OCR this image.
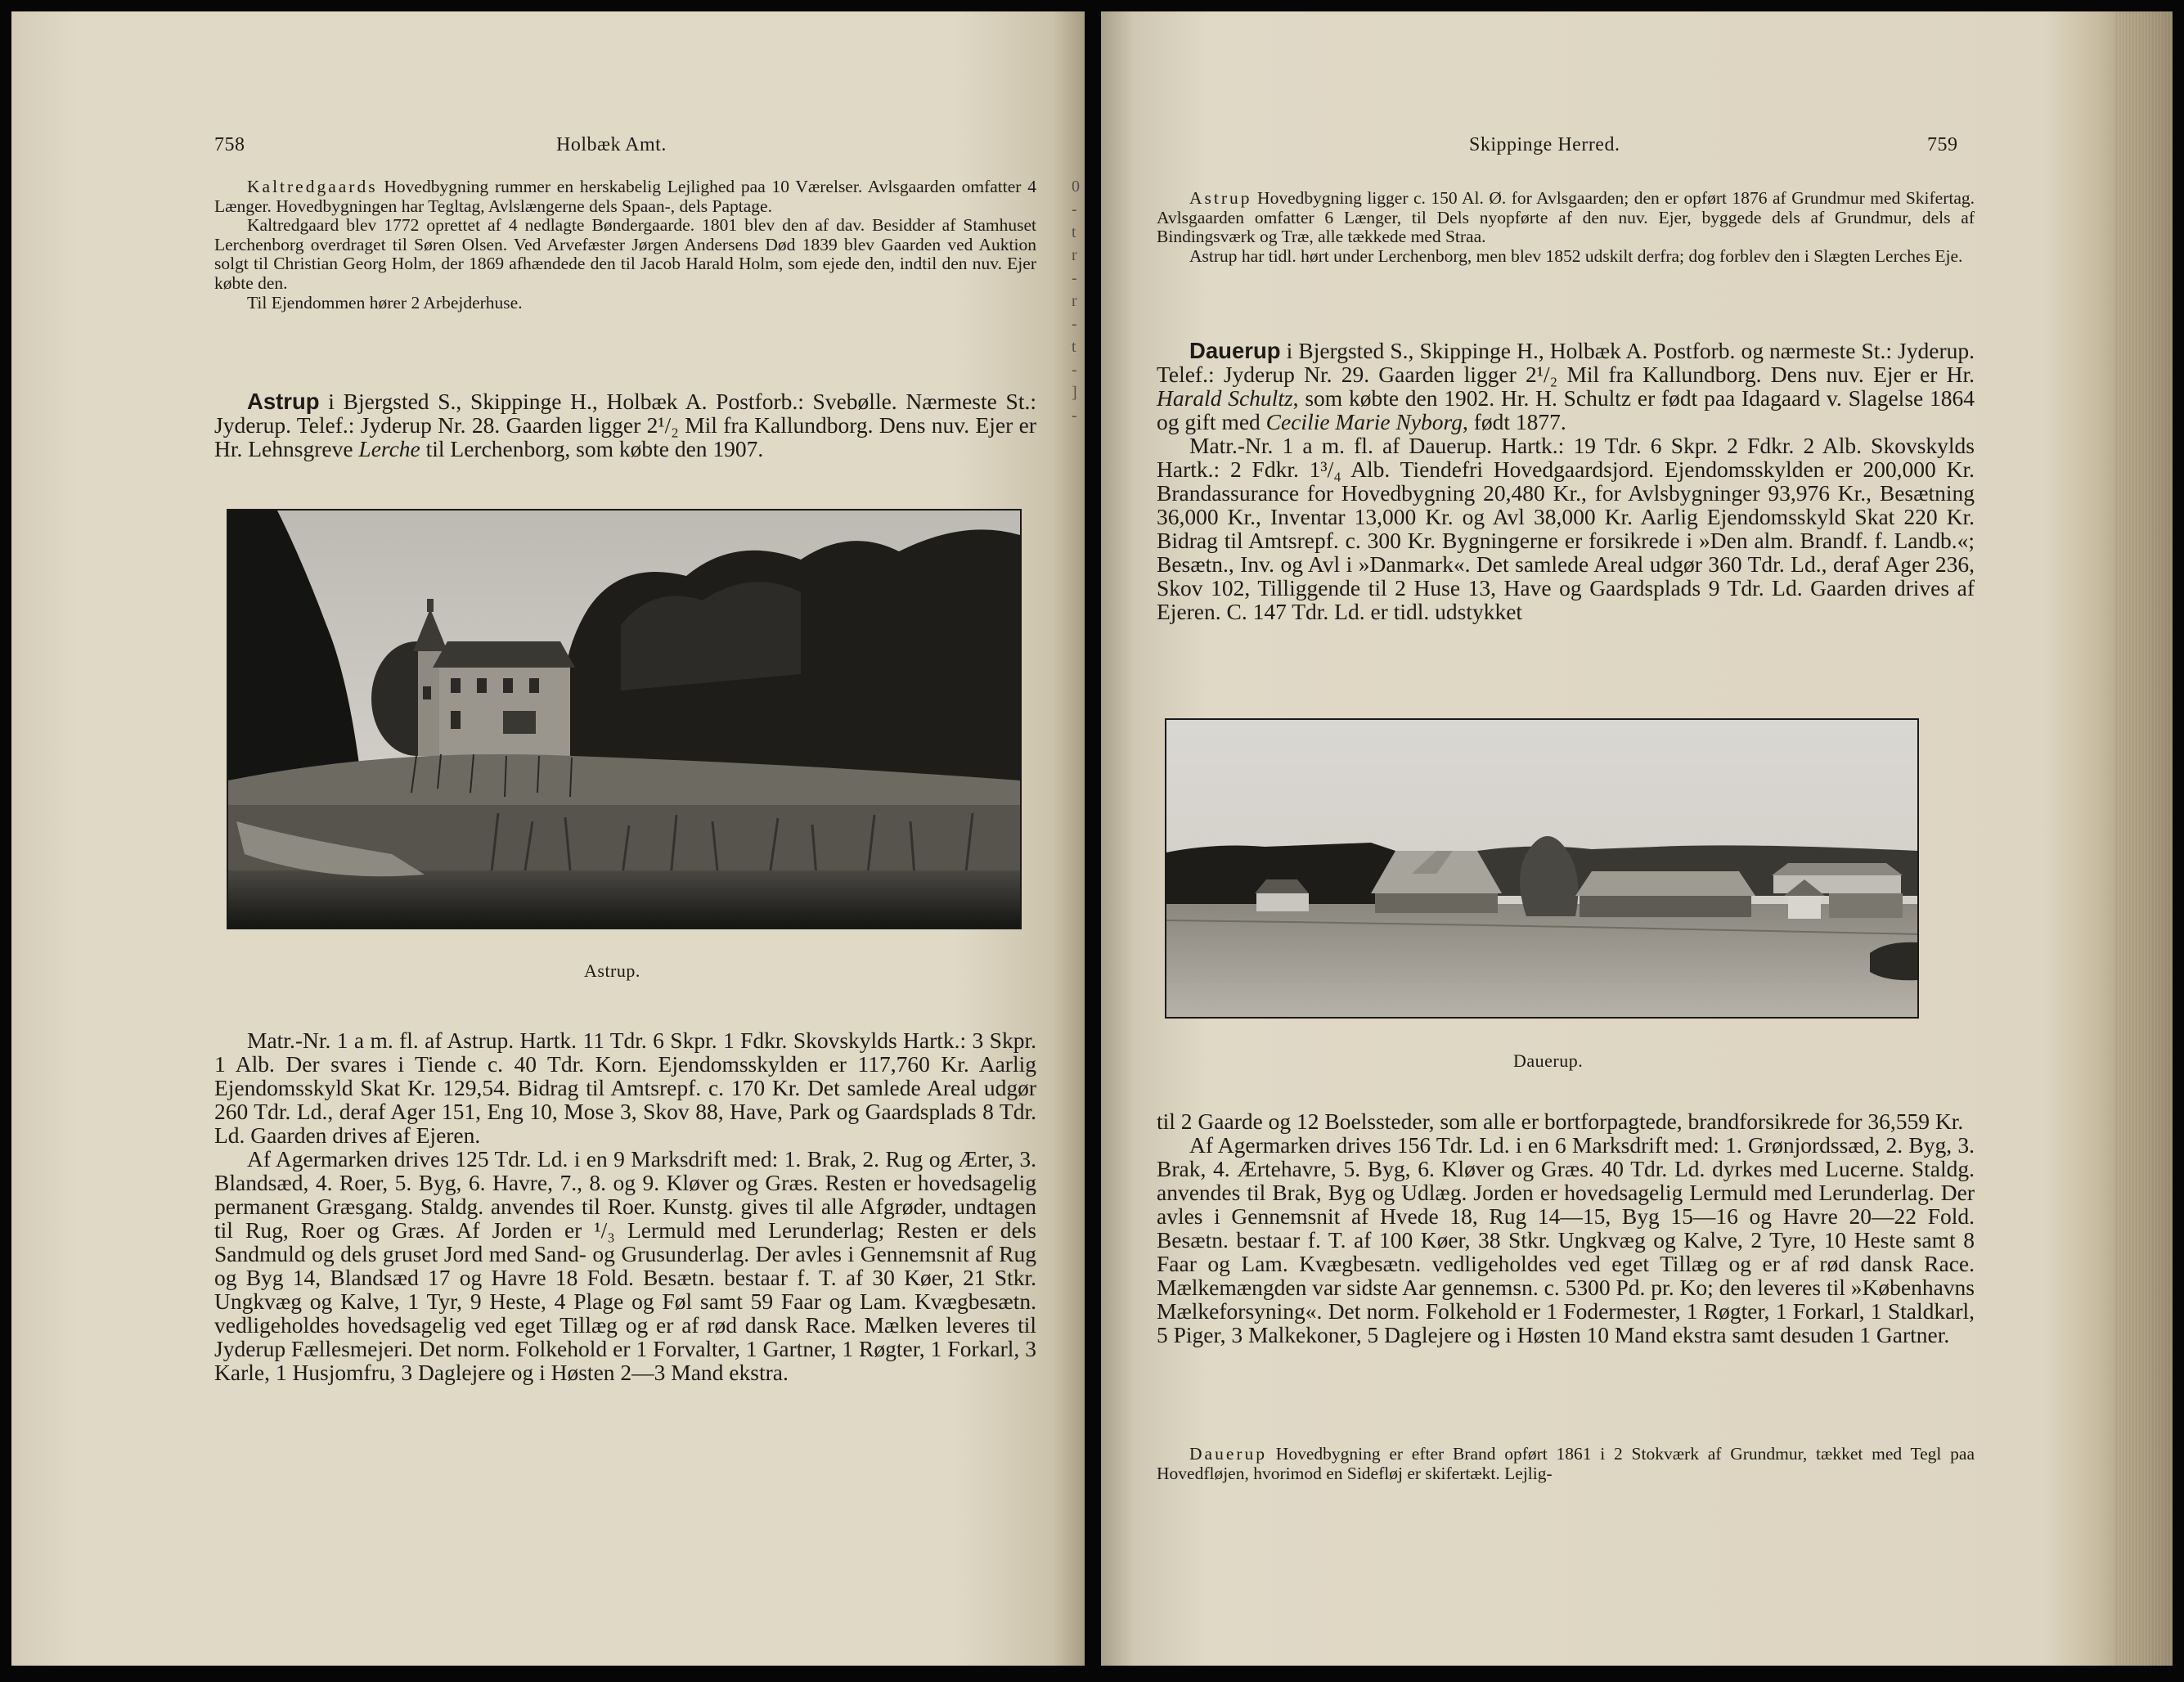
758	Holbæk Amt.

Kaltredgaards Hovedbygning rummer en herskabelig Lejlighed paa 10 Værelser. Avlsgaarden omfatter 4 Længer. Hovedbygningen har Tegltag, Avlslængerne dels Spaan-, dels Paptage.

Kaltredgaard blev 1772 oprettet af 4 nedlagte Bøndergaarde. 1801 blev den af dav. Besidder af Stamhuset Lerchenborg overdraget til Søren Olsen. Ved Arvefæster Jørgen Andersens Død 1839 blev Gaarden ved Auktion solgt til Christian Georg Holm, der 1869 afhændede den til Jacob Harald Holm, som ejede den, indtil den nuv. Ejer købte den.

Til Ejendommen hører 2 Arbejderhuse.

Astrup i Bjergsted S., Skippinge H., Holbæk A. Postforb.: Svebølle. Nærmeste St.: Jyderup. Telef.: Jyderup Nr. 28. Gaarden ligger 2¹/₂ Mil fra Kallundborg. Dens nuv. Ejer er Hr. Lehnsgreve Lerche til Lerchenborg, som købte den 1907.

Astrup.

Matr.-Nr. 1 a m. fl. af Astrup. Hartk. 11 Tdr. 6 Skpr. 1 Fdkr. Skovskylds Hartk.: 3 Skpr. 1 Alb. Der svares i Tiende c. 40 Tdr. Korn. Ejendomsskylden er 117,760 Kr. Aarlig Ejendomsskyld Skat Kr. 129,54. Bidrag til Amtsrepf. c. 170 Kr. Det samlede Areal udgør 260 Tdr. Ld., deraf Ager 151, Eng 10, Mose 3, Skov 88, Have, Park og Gaardsplads 8 Tdr. Ld. Gaarden drives af Ejeren.

Af Agermarken drives 125 Tdr. Ld. i en 9 Marksdrift med: 1. Brak, 2. Rug og Ærter, 3. Blandsæd, 4. Roer, 5. Byg, 6. Havre, 7., 8. og 9. Kløver og Græs. Resten er hovedsagelig permanent Græsgang. Staldg. anvendes til Roer. Kunstg. gives til alle Afgrøder, undtagen til Rug, Roer og Græs. Af Jorden er ¹/₃ Lermuld med Lerunderlag; Resten er dels Sandmuld og dels gruset Jord med Sand- og Grusunderlag. Der avles i Gennemsnit af Rug og Byg 14, Blandsæd 17 og Havre 18 Fold. Besætn. bestaar f. T. af 30 Køer, 21 Stkr. Ungkvæg og Kalve, 1 Tyr, 9 Heste, 4 Plage og Føl samt 59 Faar og Lam. Kvægbesætn. vedligeholdes hovedsagelig ved eget Tillæg og er af rød dansk Race. Mælken leveres til Jyderup Fællesmejeri. Det norm. Folkehold er 1 Forvalter, 1 Gartner, 1 Røgter, 1 Forkarl, 3 Karle, 1 Husjomfru, 3 Daglejere og i Høsten 2—3 Mand ekstra.

0
-
t
r
-
r
-
t
-
]
-
Skippinge Herred.	759

Astrup Hovedbygning ligger c. 150 Al. Ø. for Avlsgaarden; den er opført 1876 af Grundmur med Skifertag. Avlsgaarden omfatter 6 Længer, til Dels nyopførte af den nuv. Ejer, byggede dels af Grundmur, dels af Bindingsværk og Træ, alle tækkede med Straa.

Astrup har tidl. hørt under Lerchenborg, men blev 1852 udskilt derfra; dog forblev den i Slægten Lerches Eje.

Dauerup i Bjergsted S., Skippinge H., Holbæk A. Postforb. og nærmeste St.: Jyderup. Telef.: Jyderup Nr. 29. Gaarden ligger 2¹/₂ Mil fra Kallundborg. Dens nuv. Ejer er Hr. Harald Schultz, som købte den 1902. Hr. H. Schultz er født paa Idagaard v. Slagelse 1864 og gift med Cecilie Marie Nyborg, født 1877.

Matr.-Nr. 1 a m. fl. af Dauerup. Hartk.: 19 Tdr. 6 Skpr. 2 Fdkr. 2 Alb. Skovskylds Hartk.: 2 Fdkr. 1³/₄ Alb. Tiendefri Hovedgaardsjord. Ejendomsskylden er 200,000 Kr. Brandassurance for Hovedbygning 20,480 Kr., for Avlsbygninger 93,976 Kr., Besætning 36,000 Kr., Inventar 13,000 Kr. og Avl 38,000 Kr. Aarlig Ejendomsskyld Skat 220 Kr. Bidrag til Amtsrepf. c. 300 Kr. Bygningerne er forsikrede i »Den alm. Brandf. f. Landb.«; Besætn., Inv. og Avl i »Danmark«. Det samlede Areal udgør 360 Tdr. Ld., deraf Ager 236, Skov 102, Tilliggende til 2 Huse 13, Have og Gaardsplads 9 Tdr. Ld. Gaarden drives af Ejeren. C. 147 Tdr. Ld. er tidl. udstykket

Dauerup.

til 2 Gaarde og 12 Boelssteder, som alle er bortforpagtede, brandforsikrede for 36,559 Kr.

Af Agermarken drives 156 Tdr. Ld. i en 6 Marksdrift med: 1. Grønjordssæd, 2. Byg, 3. Brak, 4. Ærtehavre, 5. Byg, 6. Kløver og Græs. 40 Tdr. Ld. dyrkes med Lucerne. Staldg. anvendes til Brak, Byg og Udlæg. Jorden er hovedsagelig Lermuld med Lerunderlag. Der avles i Gennemsnit af Hvede 18, Rug 14—15, Byg 15—16 og Havre 20—22 Fold. Besætn. bestaar f. T. af 100 Køer, 38 Stkr. Ungkvæg og Kalve, 2 Tyre, 10 Heste samt 8 Faar og Lam. Kvægbesætn. vedligeholdes ved eget Tillæg og er af rød dansk Race. Mælkemængden var sidste Aar gennemsn. c. 5300 Pd. pr. Ko; den leveres til »Københavns Mælkeforsyning«. Det norm. Folkehold er 1 Fodermester, 1 Røgter, 1 Forkarl, 1 Staldkarl, 5 Piger, 3 Malkekoner, 5 Daglejere og i Høsten 10 Mand ekstra samt desuden 1 Gartner.

Dauerup Hovedbygning er efter Brand opført 1861 i 2 Stokværk af Grundmur, tækket med Tegl paa Hovedfløjen, hvorimod en Sidefløj er skifertækt. Lejlig-
